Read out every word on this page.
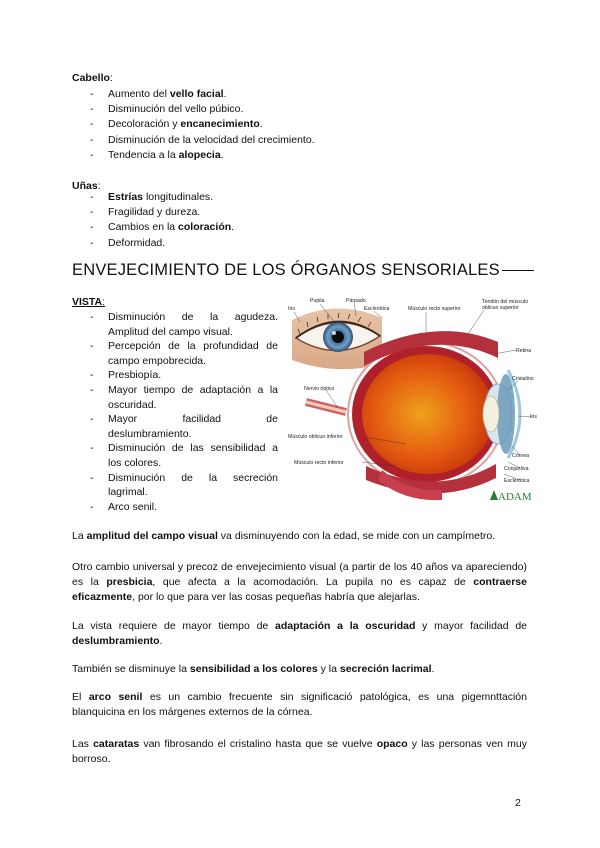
Cabello:
- Aumento del vello facial.
- Disminución del vello púbico.
- Decoloración y encanecimiento.
- Disminución de la velocidad del crecimiento.
- Tendencia a la alopecia.
Uñas:
- Estrías longitudinales.
- Fragilidad y dureza.
- Cambios en la coloración.
- Deformidad.
ENVEJECIMIENTO DE LOS ÓRGANOS SENSORIALES
VISTA:
- Disminución de la agudeza. Amplitud del campo visual.
- Percepción de la profundidad de campo empobrecida.
- Presbiopía.
- Mayor tiempo de adaptación a la oscuridad.
- Mayor facilidad de deslumbramiento.
- Disminución de las sensibilidad a los colores.
- Disminución de la secreción lagrimal.
- Arco senil.
Iris
Pupila	Párpado
Esclerótica	Músculo recto superior
Tendón del músculo
oblicuo superior
Retina
Cristalino
Nervio óptico
Iris
Músculo oblicuo inferior
Córnea
Músculo recto inferior
Conjuntiva
Esclerótica
ADAM

La amplitud del campo visual va disminuyendo con la edad, se mide con un campímetro.

Otro cambio universal y precoz de envejecimiento visual (a partir de los 40 años va apareciendo) es la presbicia, que afecta a la acomodación. La pupila no es capaz de contraerse eficazmente, por lo que para ver las cosas pequeñas habría que alejarlas.

La vista requiere de mayor tiempo de adaptación a la oscuridad y mayor facilidad de deslumbramiento.

También se disminuye la sensibilidad a los colores y la secreción lacrimal.

El arco senil es un cambio frecuente sin significació patológica, es una pigemnttación blanquicina en los márgenes externos de la córnea.

Las cataratas van fibrosando el cristalino hasta que se vuelve opaco y las personas ven muy borroso.

2
